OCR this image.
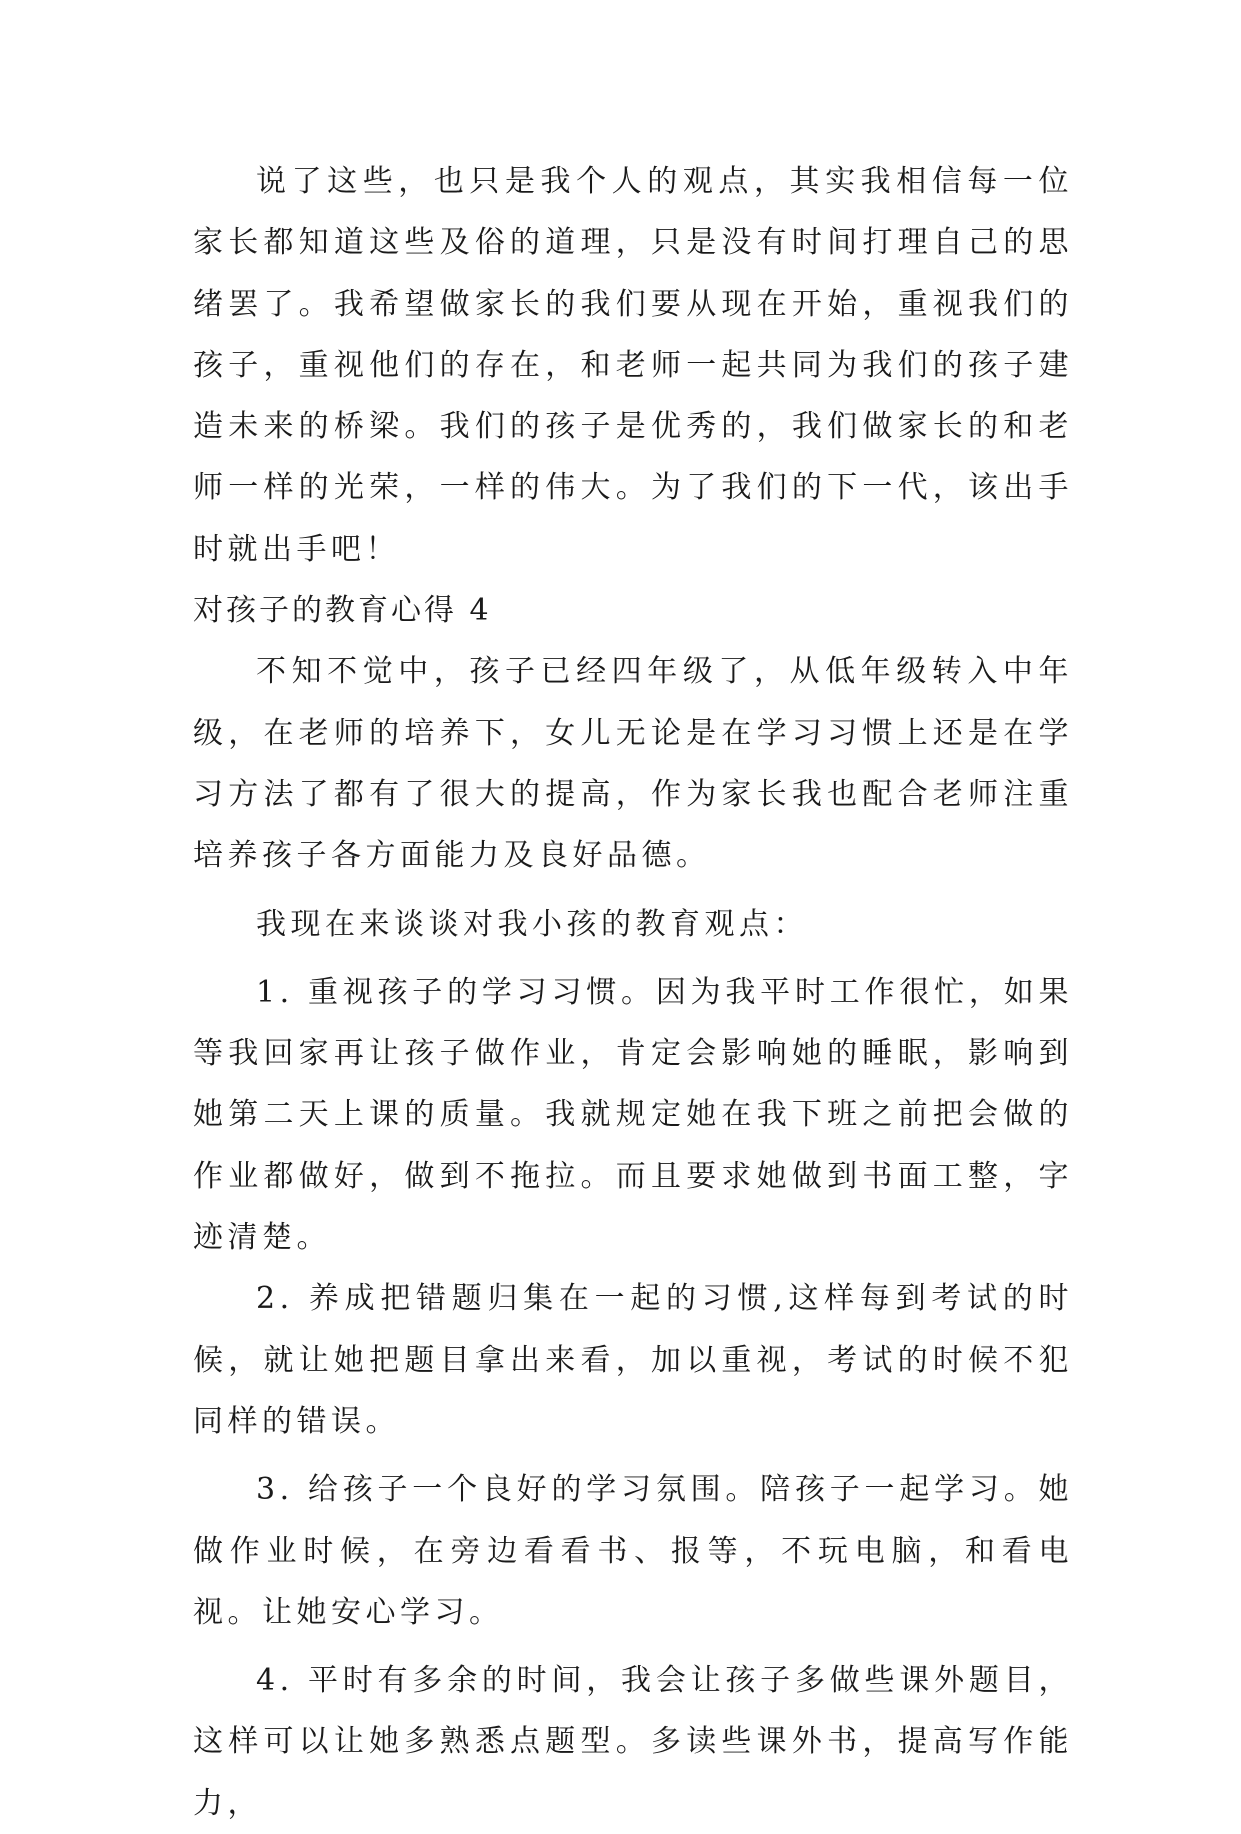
说了这些，也只是我个人的观点，其实我相信每一位家长都知道这些及俗的道理，只是没有时间打理自己的思绪罢了。我希望做家长的我们要从现在开始，重视我们的孩子，重视他们的存在，和老师一起共同为我们的孩子建造未来的桥梁。我们的孩子是优秀的，我们做家长的和老师一样的光荣，一样的伟大。为了我们的下一代，该出手时就出手吧！

对孩子的教育心得 4

不知不觉中，孩子已经四年级了，从低年级转入中年级，在老师的培养下，女儿无论是在学习习惯上还是在学习方法了都有了很大的提高，作为家长我也配合老师注重培养孩子各方面能力及良好品德。

我现在来谈谈对我小孩的教育观点：

1. 重视孩子的学习习惯。因为我平时工作很忙，如果等我回家再让孩子做作业，肯定会影响她的睡眠，影响到她第二天上课的质量。我就规定她在我下班之前把会做的作业都做好，做到不拖拉。而且要求她做到书面工整，字迹清楚。

2. 养成把错题归集在一起的习惯,这样每到考试的时候，就让她把题目拿出来看，加以重视，考试的时候不犯同样的错误。

3. 给孩子一个良好的学习氛围。陪孩子一起学习。她做作业时候，在旁边看看书、报等，不玩电脑，和看电视。让她安心学习。

4. 平时有多余的时间，我会让孩子多做些课外题目，这样可以让她多熟悉点题型。多读些课外书，提高写作能力，
